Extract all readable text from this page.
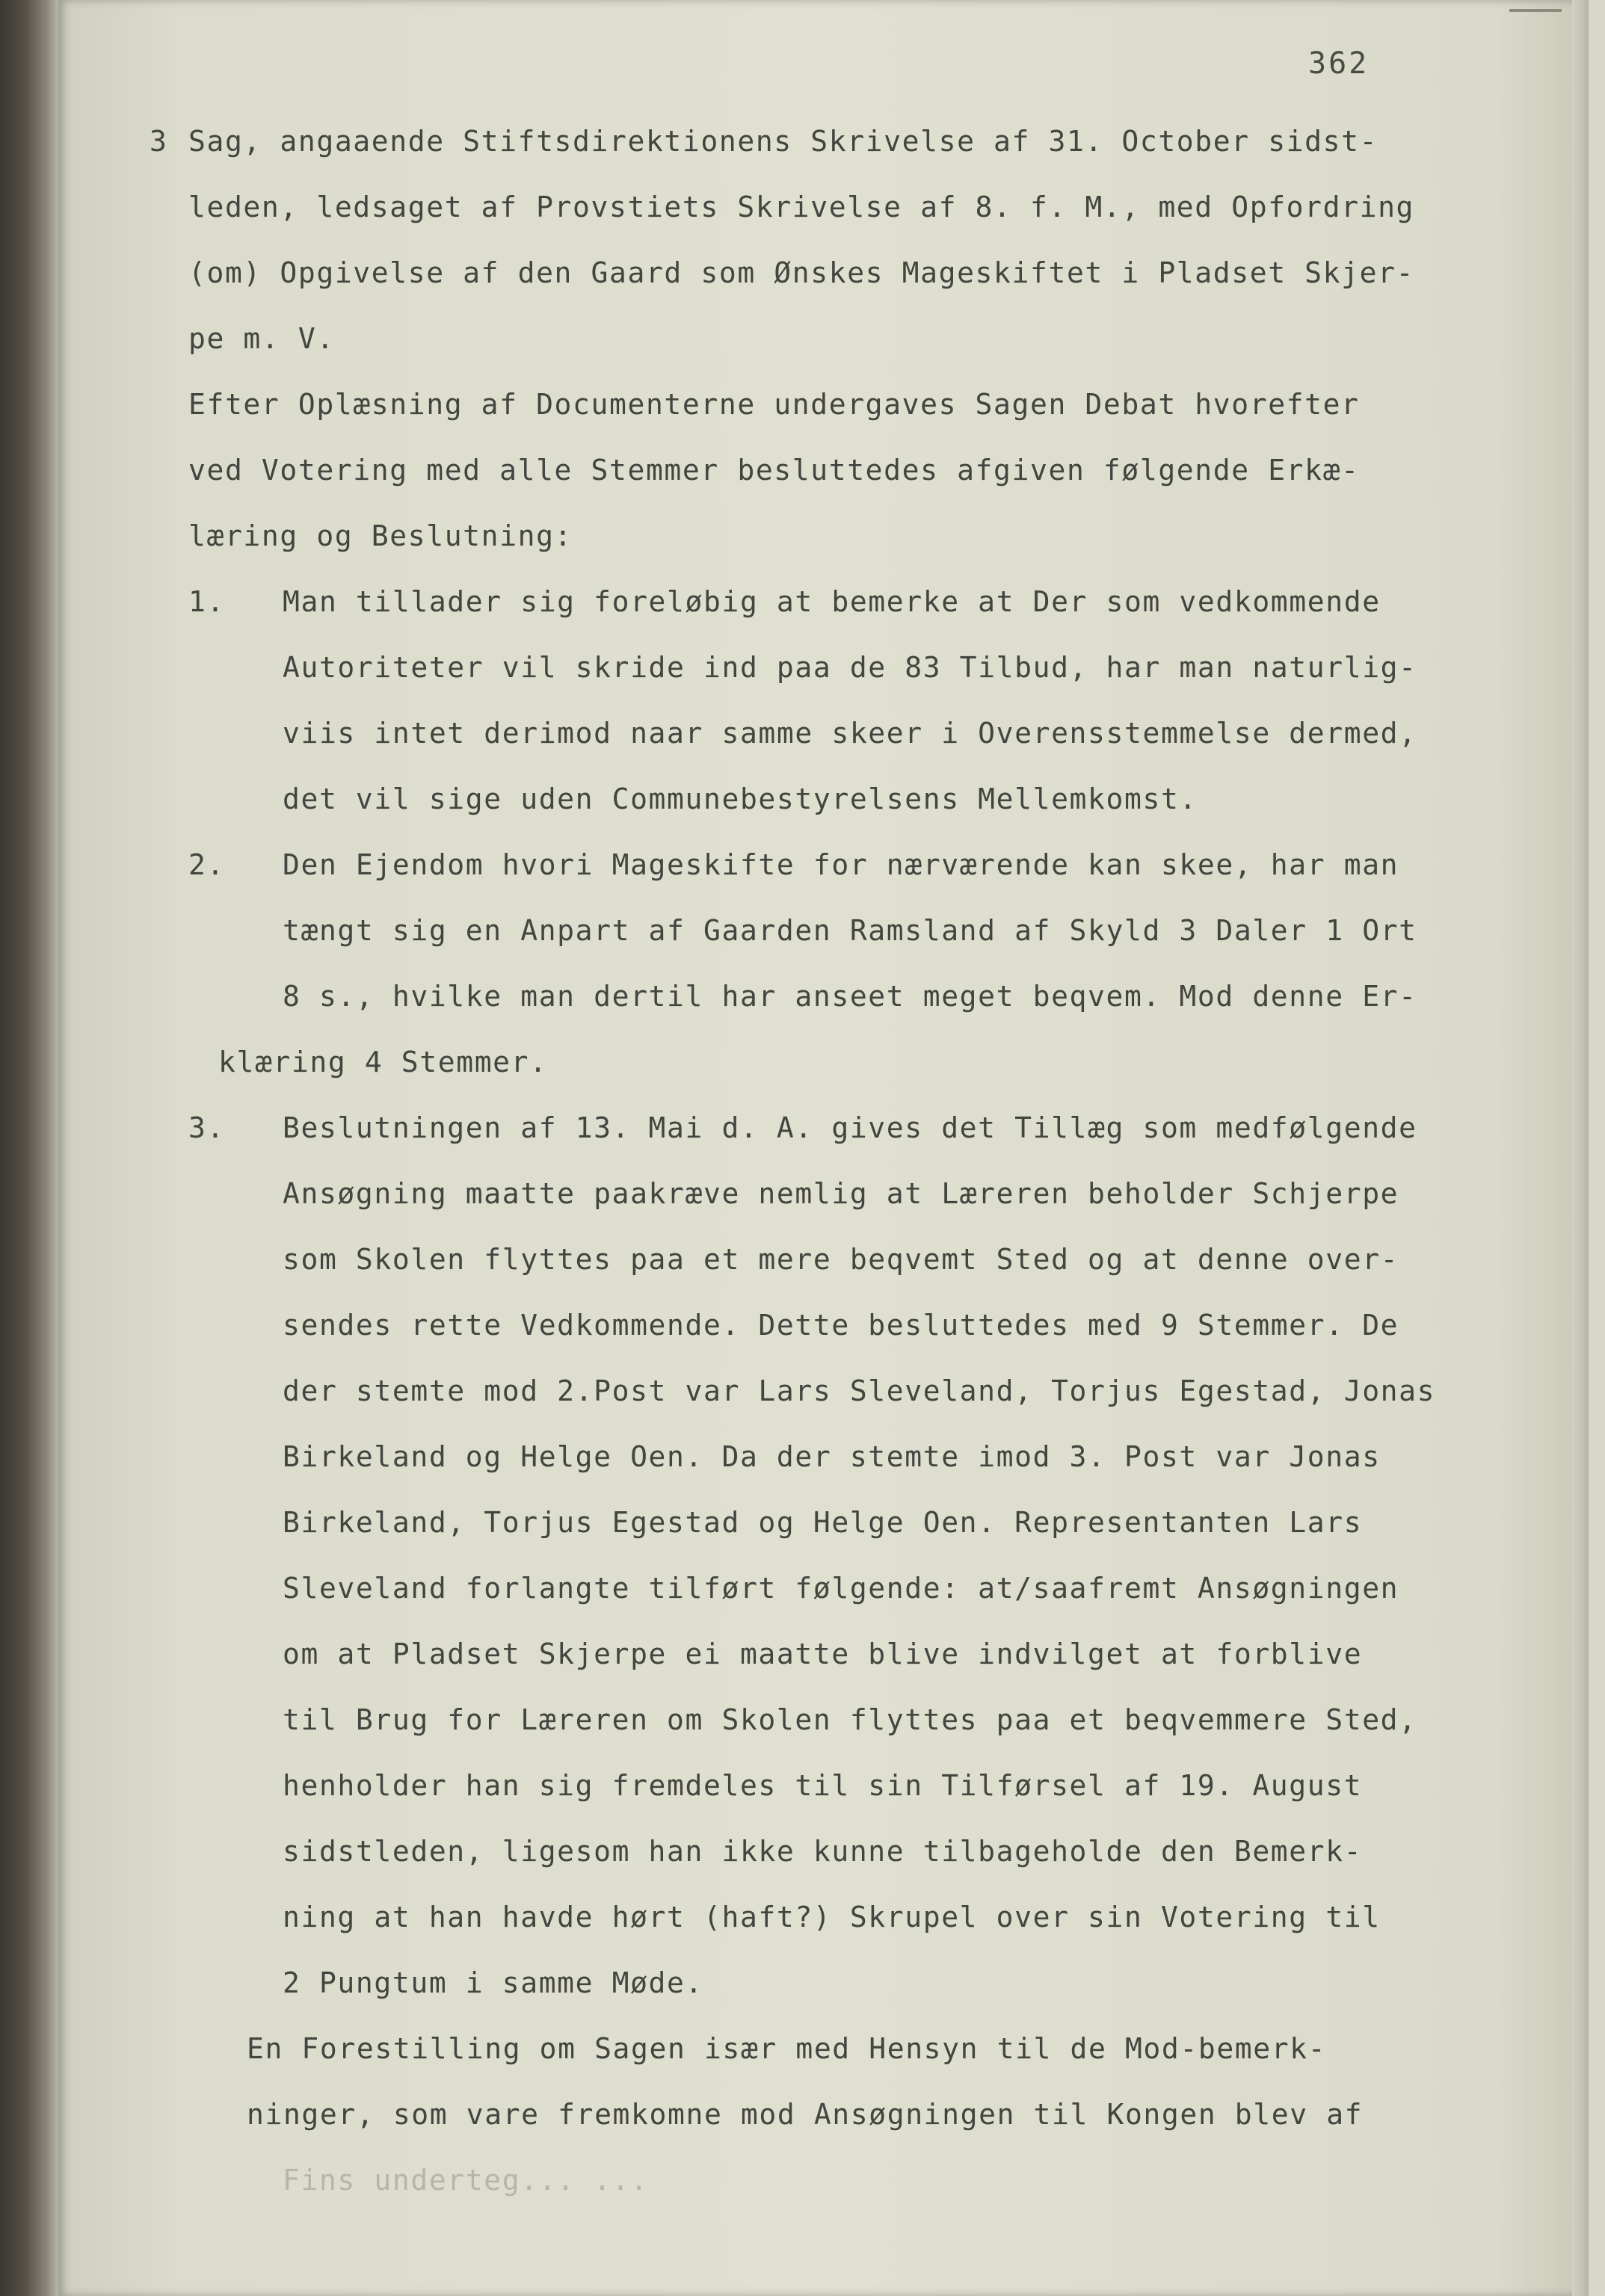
362
3 Sag, angaaende Stiftsdirektionens Skrivelse af 31. October sidst-
leden, ledsaget af Provstiets Skrivelse af 8. f. M., med Opfordring
(om) Opgivelse af den Gaard som Ønskes Mageskiftet i Pladset Skjer-
pe m. V.
Efter Oplæsning af Documenterne undergaves Sagen Debat hvorefter
ved Votering med alle Stemmer besluttedes afgiven følgende Erkæ-
læring og Beslutning:
1. Man tillader sig foreløbig at bemerke at Der som vedkommende
Autoriteter vil skride ind paa de 83 Tilbud, har man naturlig-
viis intet derimod naar samme skeer i Overensstemmelse dermed,
det vil sige uden Communebestyrelsens Mellemkomst.
2. Den Ejendom hvori Mageskifte for nærværende kan skee, har man
tængt sig en Anpart af Gaarden Ramsland af Skyld 3 Daler 1 Ort
8 s., hvilke man dertil har anseet meget beqvem. Mod denne Er-
klæring 4 Stemmer.
3. Beslutningen af 13. Mai d. A. gives det Tillæg som medfølgende
Ansøgning maatte paakræve nemlig at Læreren beholder Schjerpe
som Skolen flyttes paa et mere beqvemt Sted og at denne over-
sendes rette Vedkommende. Dette besluttedes med 9 Stemmer. De
der stemte mod 2.Post var Lars Sleveland, Torjus Egestad, Jonas
Birkeland og Helge Oen. Da der stemte imod 3. Post var Jonas
Birkeland, Torjus Egestad og Helge Oen. Representanten Lars
Sleveland forlangte tilført følgende: at/saafremt Ansøgningen
om at Pladset Skjerpe ei maatte blive indvilget at forblive
til Brug for Læreren om Skolen flyttes paa et beqvemmere Sted,
henholder han sig fremdeles til sin Tilførsel af 19. August
sidstleden, ligesom han ikke kunne tilbageholde den Bemerk-
ning at han havde hørt (haft?) Skrupel over sin Votering til
2 Pungtum i samme Møde.
En Forestilling om Sagen især med Hensyn til de Mod-bemerk-
ninger, som vare fremkomne mod Ansøgningen til Kongen blev af
Fins underteg... ...
